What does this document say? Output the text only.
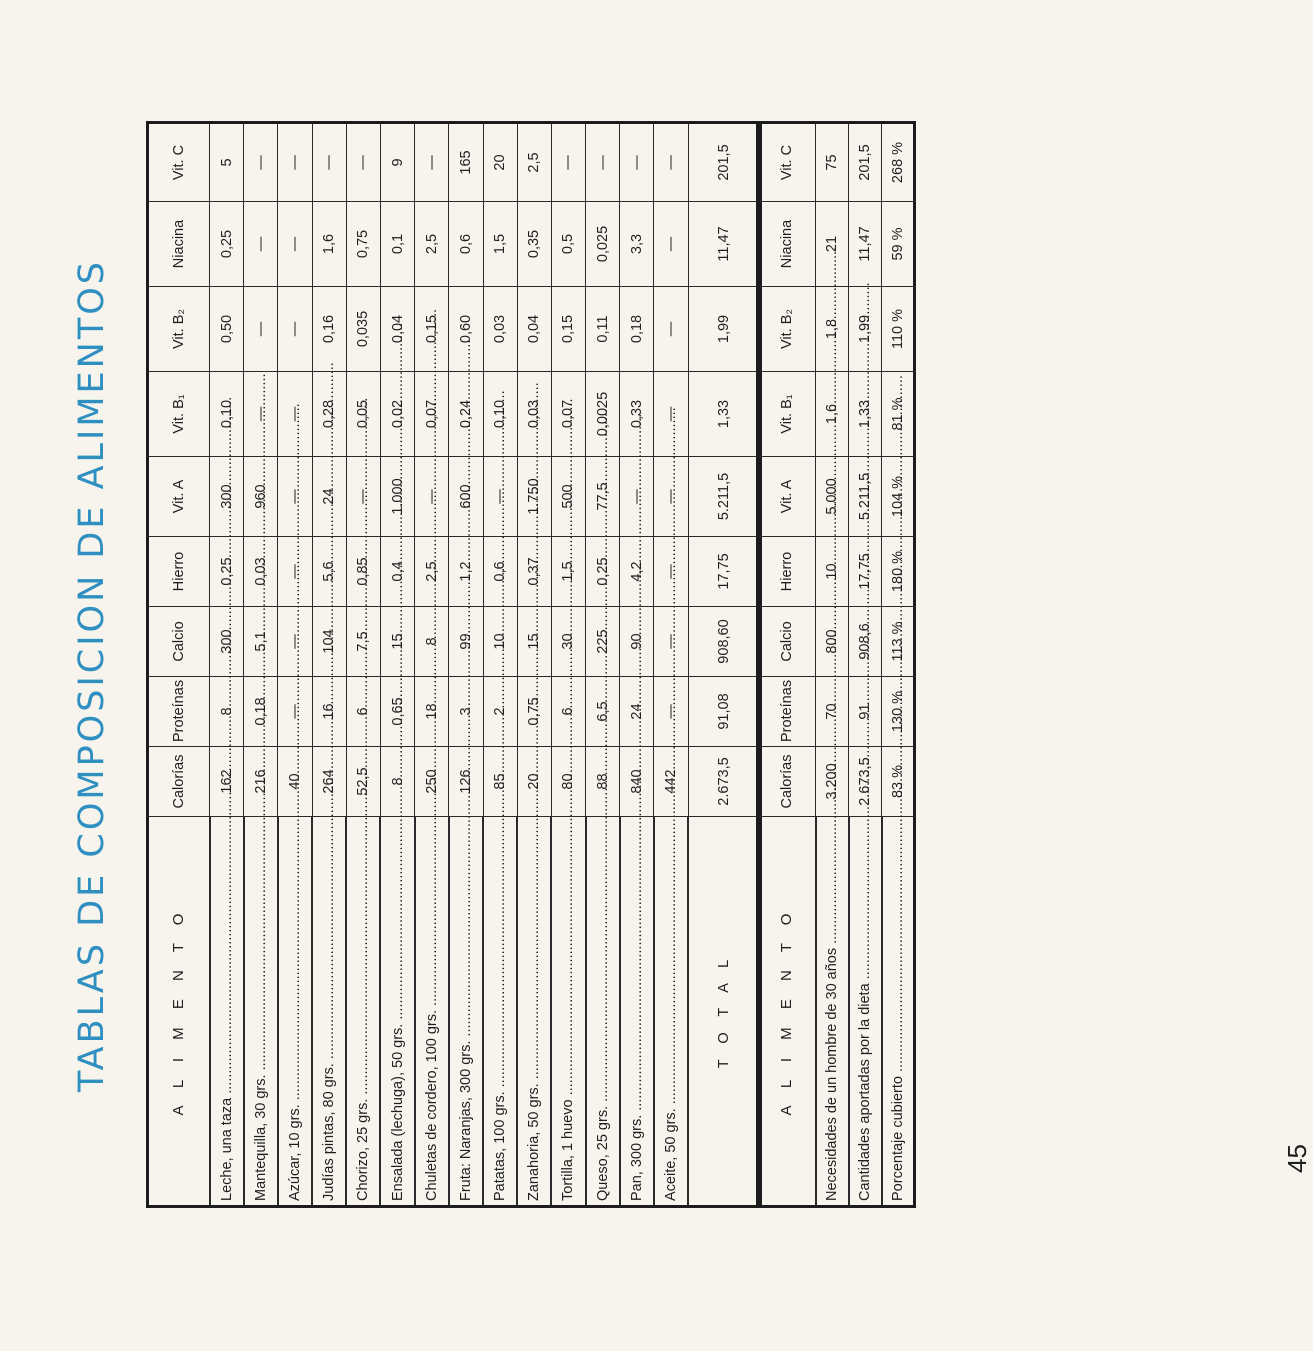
TABLAS DE COMPOSICION DE ALIMENTOS	A L I M E N T O	Calorías	Proteínas	Calcio	Hierro	Vit. A	Vit. B₁	Vit. B₂	Niacina	Vit. C

Leche, una taza .....	162	8	300	0,25	300	0,10	0,50	0,25	5

Mantequilla, 30 grs. .....	216	0,18	5,1	0,03	960	—	—	—	—

Azúcar, 10 grs. .....	40	—	—	—	—	—	—	—	—

Judías pintas, 80 grs. .....	264	16	104	5,6	24	0,28	0,16	1,6	—

Chorizo, 25 grs. .....	52,5	6	7,5	0,85	—	0,05	0,035	0,75	—

Ensalada (lechuga), 50 grs. .....	8	0,65	15	0,4	1.000	0,02	0,04	0,1	9

Chuletas de cordero, 100 grs. .....	250	18	8	2,5	—	0,07	0,15	2,5	—

Fruta: Naranjas, 300 grs. .....	126	3	99	1,2	600	0,24	0,60	0,6	165

Patatas, 100 grs. .....	85	2	10	0,6	—	0,10	0,03	1,5	20

Zanahoria, 50 grs. .....	20	0,75	15	0,37	1.750	0,03	0,04	0,35	2,5

Tortilla, 1 huevo .....	80	6	30	1,5	500	0,07	0,15	0,5	—

Queso, 25 grs. .....	88	6,5	225	0,25	77,5	0,0025	0,11	0,025	—

Pan, 300 grs. .....	840	24	90	4,2	—	0,33	0,18	3,3	—

Aceite, 50 grs. .....	442	—	—	—	—	—	—	—	—
T O T A L	2.673,5	91,08	908,60	17,75	5.211,5	1,33	1,99	11,47	201,5
A L I M E N T O	Calorías	Proteínas	Calcio	Hierro	Vit. A	Vit. B₁	Vit. B₂	Niacina	Vit. C

Necesidades de un hombre de 30 años .....	3.200	70	800	10	5.000	1,6	1,8	21	75

Cantidades aportadas por la dieta .....	2.673,5	91	908,6	17,75	5.211,5	1,33	1,99	11,47	201,5

Porcentaje cubierto .....	83 %	130 %	113 %	180 %	104 %	81 %	110 %	59 %	268 %
45
